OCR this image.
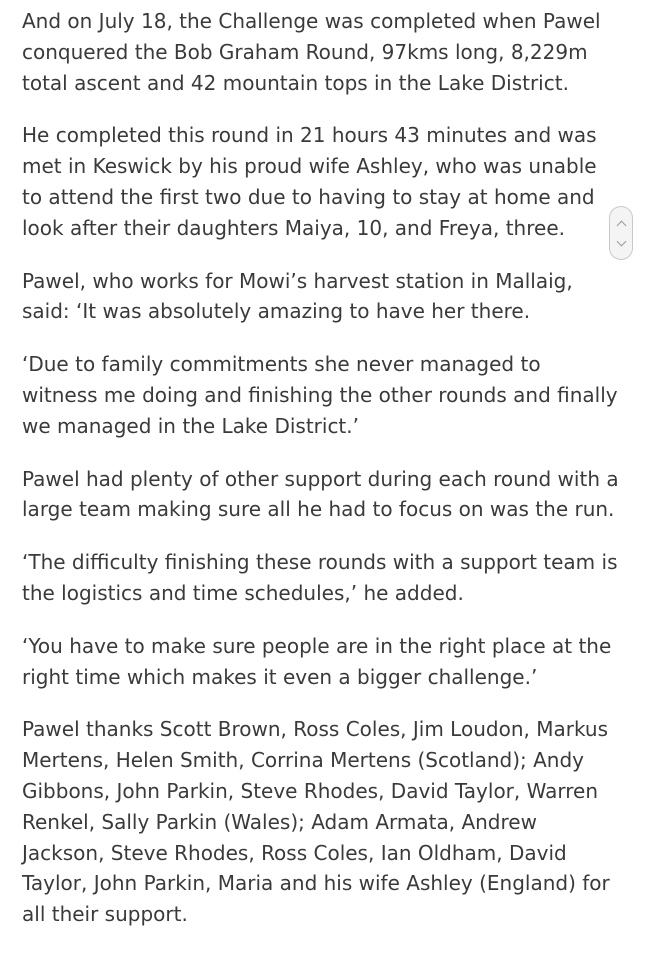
And on July 18, the Challenge was completed when Pawel conquered the Bob Graham Round, 97kms long, 8,229m total ascent and 42 mountain tops in the Lake District.

He completed this round in 21 hours 43 minutes and was met in Keswick by his proud wife Ashley, who was unable to attend the first two due to having to stay at home and look after their daughters Maiya, 10, and Freya, three.

Pawel, who works for Mowi’s harvest station in Mallaig, said: ‘It was absolutely amazing to have her there.

‘Due to family commitments she never managed to witness me doing and finishing the other rounds and finally we managed in the Lake District.’

Pawel had plenty of other support during each round with a large team making sure all he had to focus on was the run.

‘The difficulty finishing these rounds with a support team is the logistics and time schedules,’ he added.

‘You have to make sure people are in the right place at the right time which makes it even a bigger challenge.’

Pawel thanks Scott Brown, Ross Coles, Jim Loudon, Markus Mertens, Helen Smith, Corrina Mertens (Scotland); Andy Gibbons, John Parkin, Steve Rhodes, David Taylor, Warren Renkel, Sally Parkin (Wales); Adam Armata, Andrew Jackson, Steve Rhodes, Ross Coles, Ian Oldham, David Taylor, John Parkin, Maria and his wife Ashley (England) for all their support.
